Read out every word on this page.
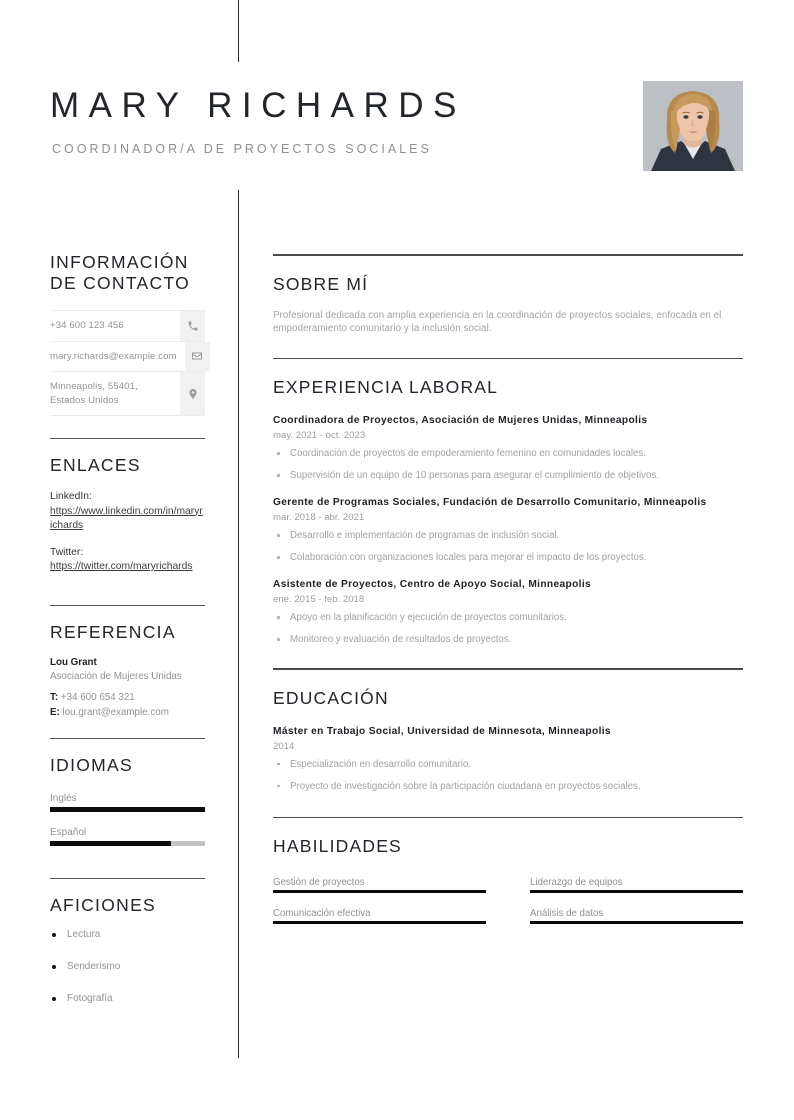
MARY RICHARDS
COORDINADOR/A DE PROYECTOS SOCIALES
INFORMACIÓN
DE CONTACTO
+34 600 123 456
mary.richards@example.com
Minneapolis, 55401, Estados Unidos
ENLACES
LinkedIn:
https://www.linkedin.com/in/maryrichards
Twitter:
https://twitter.com/maryrichards
REFERENCIA
Lou Grant
Asociación de Mujeres Unidas
T: +34 600 654 321
E: lou.grant@example.com
IDIOMAS
Inglés
Español
AFICIONES
Lectura
Senderismo
Fotografía
SOBRE MÍ
Profesional dedicada con amplia experiencia en la coordinación de proyectos sociales, enfocada en el empoderamiento comunitario y la inclusión social.
EXPERIENCIA LABORAL
Coordinadora de Proyectos, Asociación de Mujeres Unidas, Minneapolis
may. 2021 - oct. 2023
Coordinación de proyectos de empoderamiento femenino en comunidades locales.
Supervisión de un equipo de 10 personas para asegurar el cumplimiento de objetivos.
Gerente de Programas Sociales, Fundación de Desarrollo Comunitario, Minneapolis
mar. 2018 - abr. 2021
Desarrollo e implementación de programas de inclusión social.
Colaboración con organizaciones locales para mejorar el impacto de los proyectos.
Asistente de Proyectos, Centro de Apoyo Social, Minneapolis
ene. 2015 - feb. 2018
Apoyo en la planificación y ejecución de proyectos comunitarios.
Monitoreo y evaluación de resultados de proyectos.
EDUCACIÓN
Máster en Trabajo Social, Universidad de Minnesota, Minneapolis
2014
Especialización en desarrollo comunitario.
Proyecto de investigación sobre la participación ciudadana en proyectos sociales.
HABILIDADES
Gestión de proyectos	Liderazgo de equipos
Comunicación efectiva	Análisis de datos
